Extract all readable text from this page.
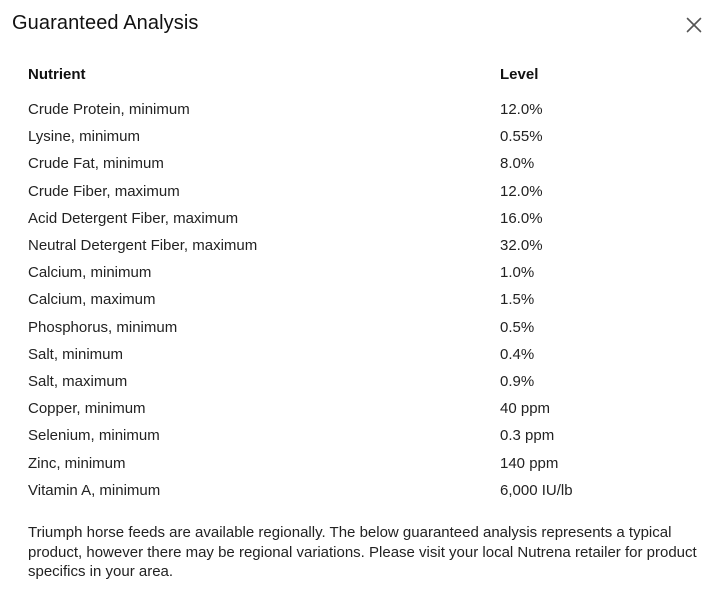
Guaranteed Analysis
Nutrient	Level
Crude Protein, minimum	12.0%
Lysine, minimum	0.55%
Crude Fat, minimum	8.0%
Crude Fiber, maximum	12.0%
Acid Detergent Fiber, maximum	16.0%
Neutral Detergent Fiber, maximum	32.0%
Calcium, minimum	1.0%
Calcium, maximum	1.5%
Phosphorus, minimum	0.5%
Salt, minimum	0.4%
Salt, maximum	0.9%
Copper, minimum	40 ppm
Selenium, minimum	0.3 ppm
Zinc, minimum	140 ppm
Vitamin A, minimum	6,000 IU/lb
Triumph horse feeds are available regionally. The below guaranteed analysis represents a typical product, however there may be regional variations. Please visit your local Nutrena retailer for product specifics in your area.
